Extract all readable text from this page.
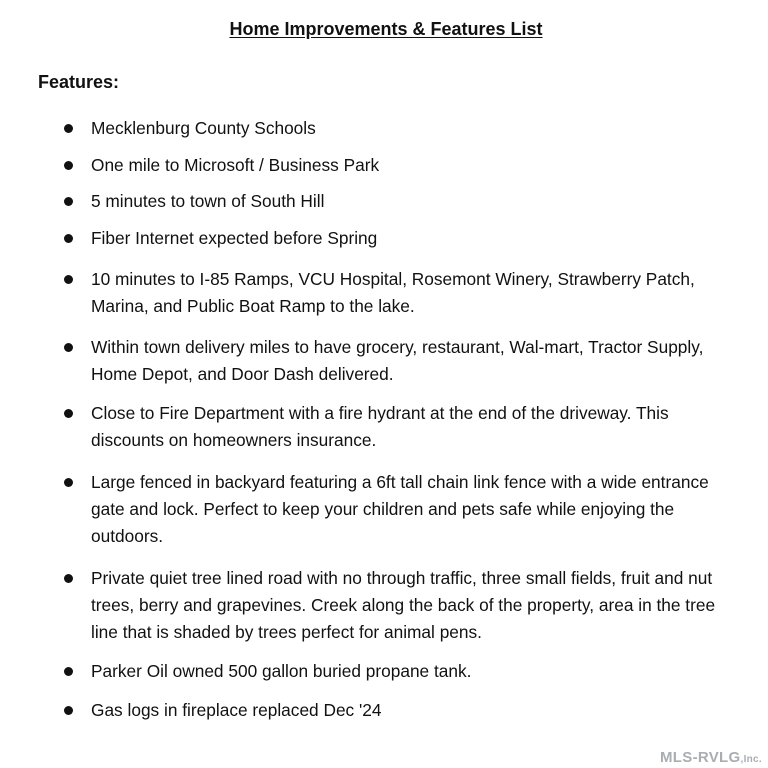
Home Improvements & Features List
Features:
Mecklenburg County Schools
One mile to Microsoft / Business Park
5 minutes to town of South Hill
Fiber Internet expected before Spring
10 minutes to I-85 Ramps, VCU Hospital, Rosemont Winery, Strawberry Patch, Marina, and Public Boat Ramp to the lake.
Within town delivery miles to have grocery, restaurant, Wal-mart, Tractor Supply, Home Depot, and Door Dash delivered.
Close to Fire Department with a fire hydrant at the end of the driveway. This discounts on homeowners insurance.
Large fenced in backyard featuring a 6ft tall chain link fence with a wide entrance gate and lock. Perfect to keep your children and pets safe while enjoying the outdoors.
Private quiet tree lined road with no through traffic, three small fields, fruit and nut trees, berry and grapevines. Creek along the back of the property, area in the tree line that is shaded by trees perfect for animal pens.
Parker Oil owned 500 gallon buried propane tank.
Gas logs in fireplace replaced Dec '24
MLS-RVLG,Inc.
